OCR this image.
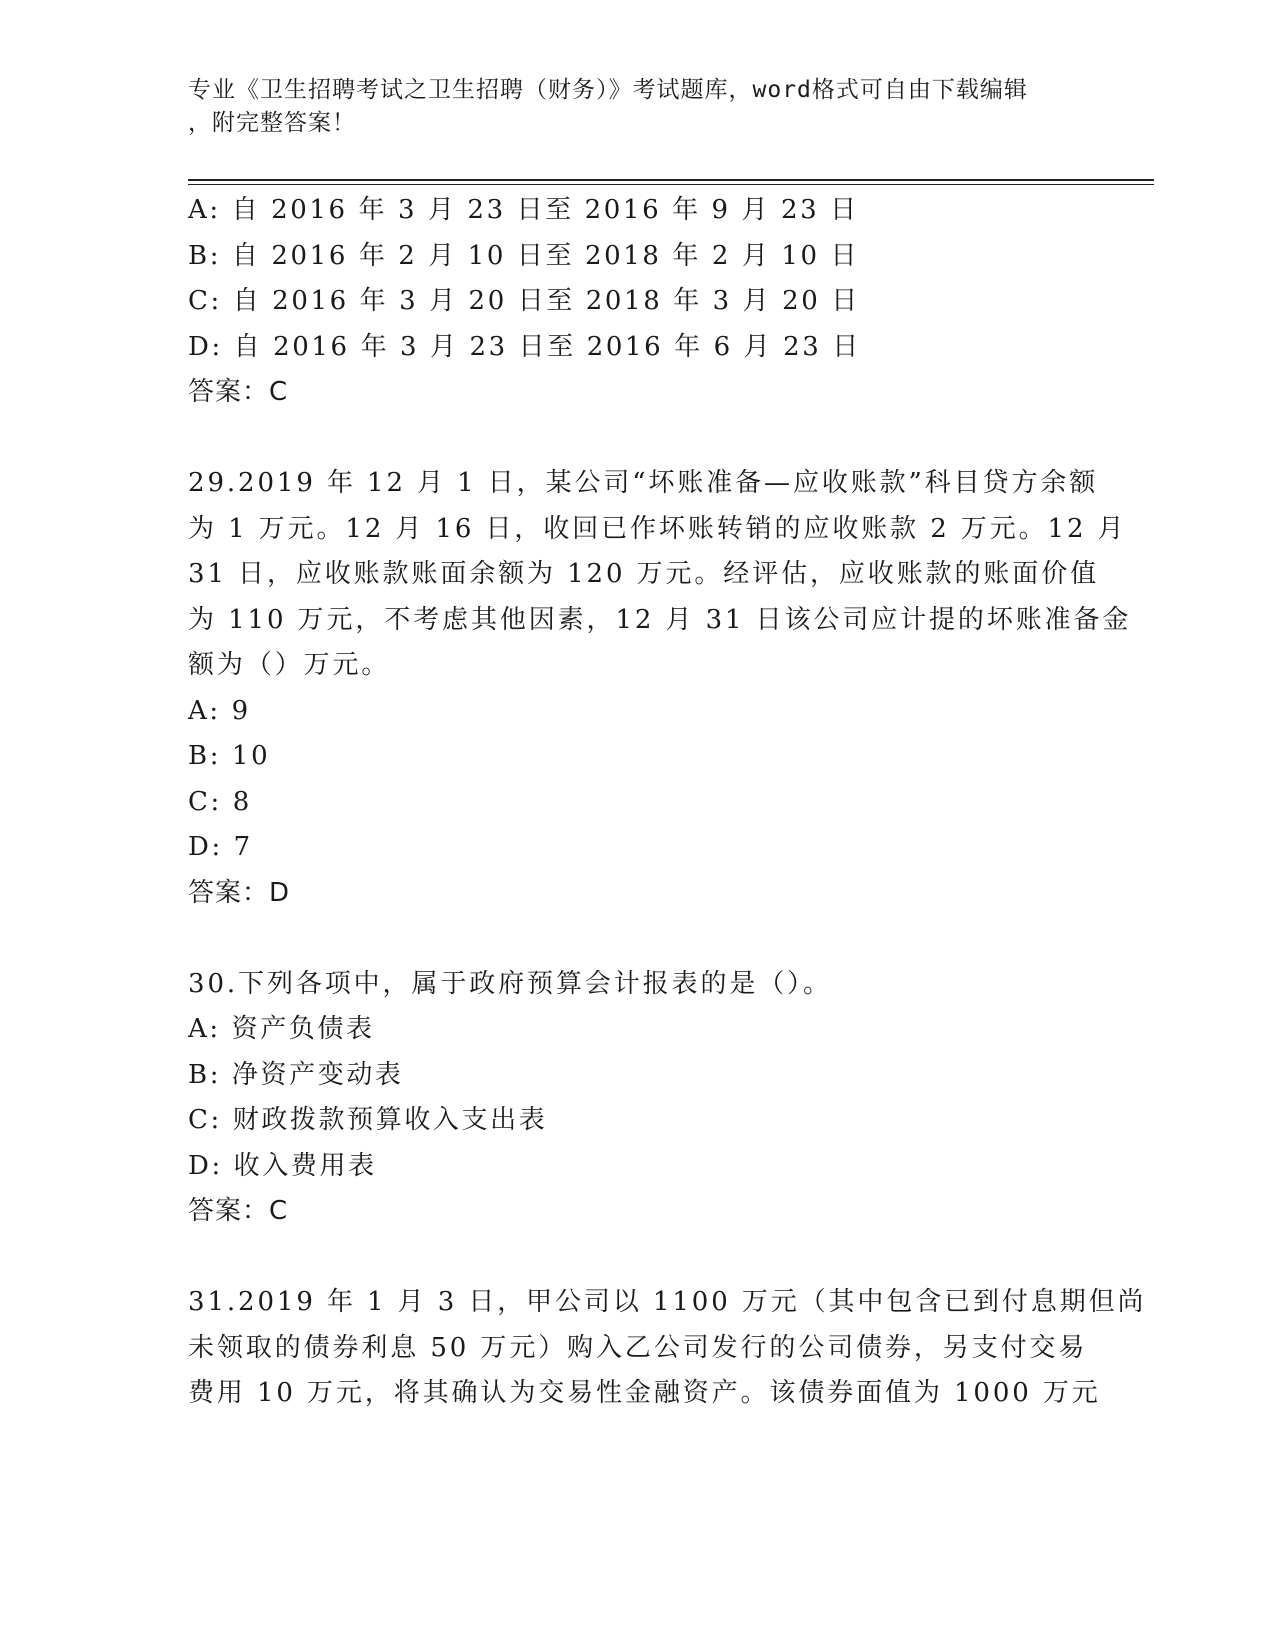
专业《卫生招聘考试之卫生招聘（财务）》考试题库，word格式可自由下载编辑
，附完整答案！
A: 自 2016 年 3 月 23 日至 2016 年 9 月 23 日
B: 自 2016 年 2 月 10 日至 2018 年 2 月 10 日
C: 自 2016 年 3 月 20 日至 2018 年 3 月 20 日
D: 自 2016 年 3 月 23 日至 2016 年 6 月 23 日
答案：C
29.2019 年 12 月 1 日，某公司“坏账准备—应收账款”科目贷方余额
为 1 万元。12 月 16 日，收回已作坏账转销的应收账款 2 万元。12 月
31 日，应收账款账面余额为 120 万元。经评估，应收账款的账面价值
为 110 万元，不考虑其他因素，12 月 31 日该公司应计提的坏账准备金
额为（）万元。
A: 9
B: 10
C: 8
D: 7
答案：D
30.下列各项中，属于政府预算会计报表的是（）。
A: 资产负债表
B: 净资产变动表
C: 财政拨款预算收入支出表
D: 收入费用表
答案：C
31.2019 年 1 月 3 日，甲公司以 1100 万元（其中包含已到付息期但尚
未领取的债券利息 50 万元）购入乙公司发行的公司债券，另支付交易
费用 10 万元，将其确认为交易性金融资产。该债券面值为 1000 万元
